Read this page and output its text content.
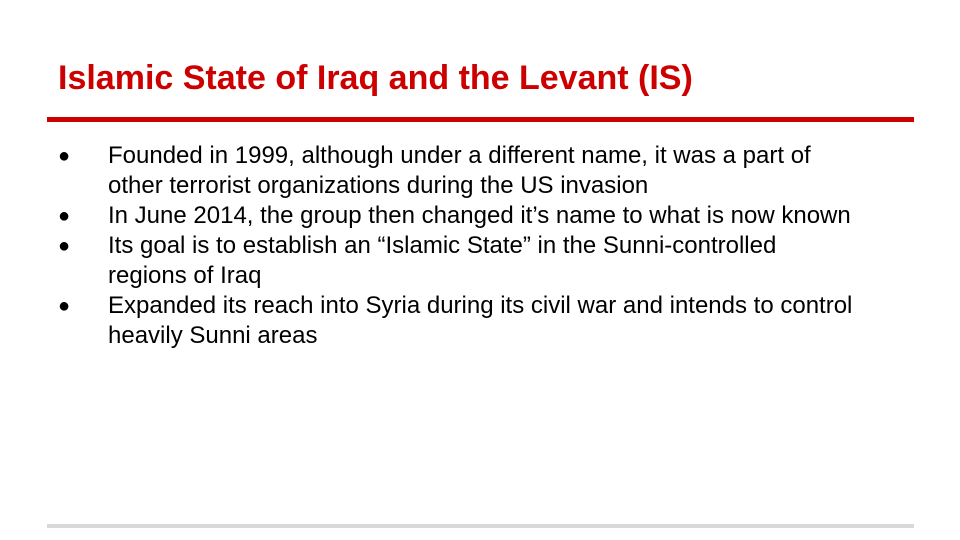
Islamic State of Iraq and the Levant (IS)
● Founded in 1999, although under a different name, it was a part of other terrorist organizations during the US invasion
● In June 2014, the group then changed it’s name to what is now known
● Its goal is to establish an “Islamic State” in the Sunni-controlled regions of Iraq
● Expanded its reach into Syria during its civil war and intends to control heavily Sunni areas
